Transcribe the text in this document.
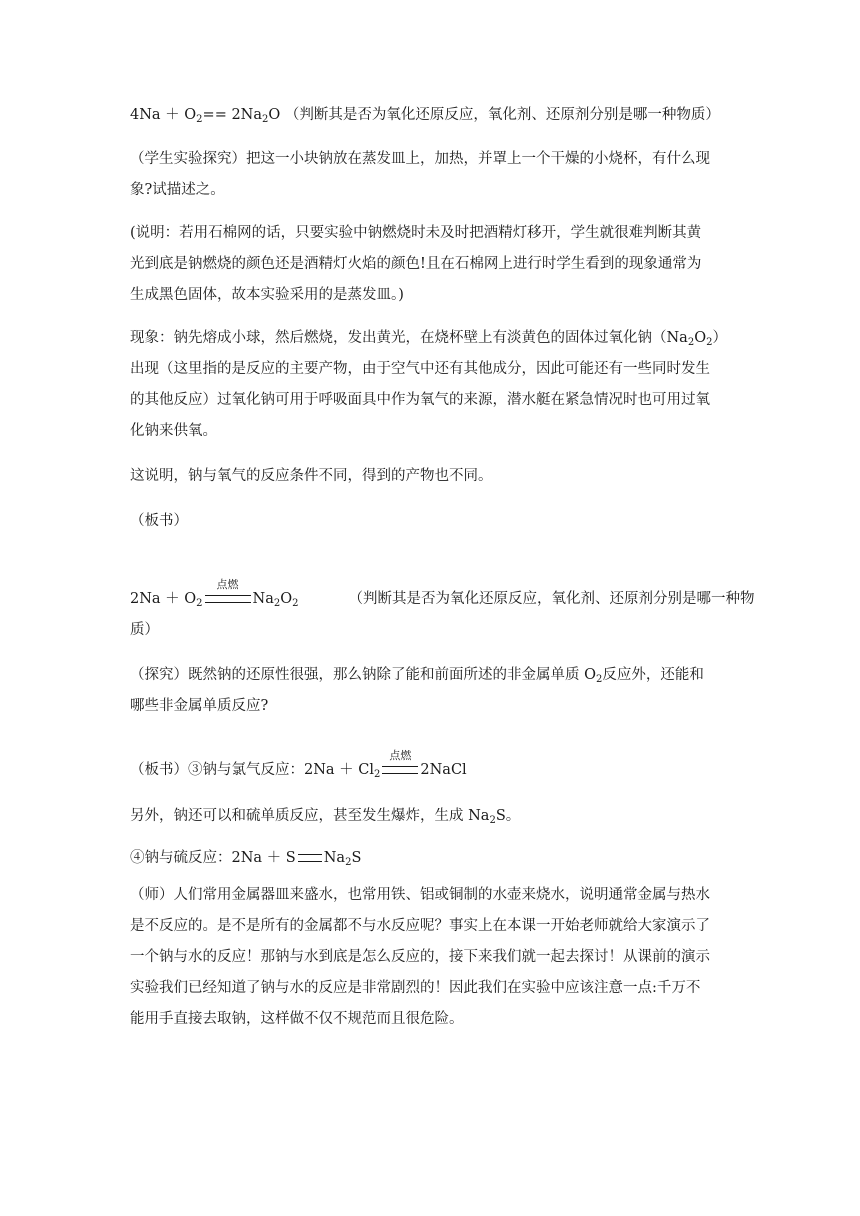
$4Na + O_2== 2Na_2O$ （判断其是否为氧化还原反应，氧化剂、还原剂分别是哪一种物质）
（学生实验探究）把这一小块钠放在蒸发皿上，加热，并罩上一个干燥的小烧杯，有什么现
象?试描述之。
(说明：若用石棉网的话，只要实验中钠燃烧时未及时把酒精灯移开，学生就很难判断其黄
光到底是钠燃烧的颜色还是酒精灯火焰的颜色!且在石棉网上进行时学生看到的现象通常为
生成黑色固体，故本实验采用的是蒸发皿。)
现象：钠先熔成小球，然后燃烧，发出黄光，在烧杯壁上有淡黄色的固体过氧化钠$(Na_2O_2)$
出现（这里指的是反应的主要产物，由于空气中还有其他成分，因此可能还有一些同时发生
的其他反应）过氧化钠可用于呼吸面具中作为氧气的来源，潜水艇在紧急情况时也可用过氧
化钠来供氧。
这说明，钠与氧气的反应条件不同，得到的产物也不同。
（板书）
$2Na + O_2$
点燃
$Na_2O_2$	（判断其是否为氧化还原反应，氧化剂、还原剂分别是哪一种物
质）
（探究）既然钠的还原性很强，那么钠除了能和前面所述的非金属单质 $O_2$反应外，还能和
哪些非金属单质反应?
（板书）③钠与氯气反应：$2Na + Cl_2$
点燃
2NaCl
另外，钠还可以和硫单质反应，甚至发生爆炸，生成 $Na_2S$。
④钠与硫反应：2Na ＋ S $Na_2S$
（师）人们常用金属器皿来盛水，也常用铁、铝或铜制的水壶来烧水，说明通常金属与热水
是不反应的。是不是所有的金属都不与水反应呢？事实上在本课一开始老师就给大家演示了
一个钠与水的反应！那钠与水到底是怎么反应的，接下来我们就一起去探讨！从课前的演示
实验我们已经知道了钠与水的反应是非常剧烈的！因此我们在实验中应该注意一点:千万不
能用手直接去取钠，这样做不仅不规范而且很危险。
